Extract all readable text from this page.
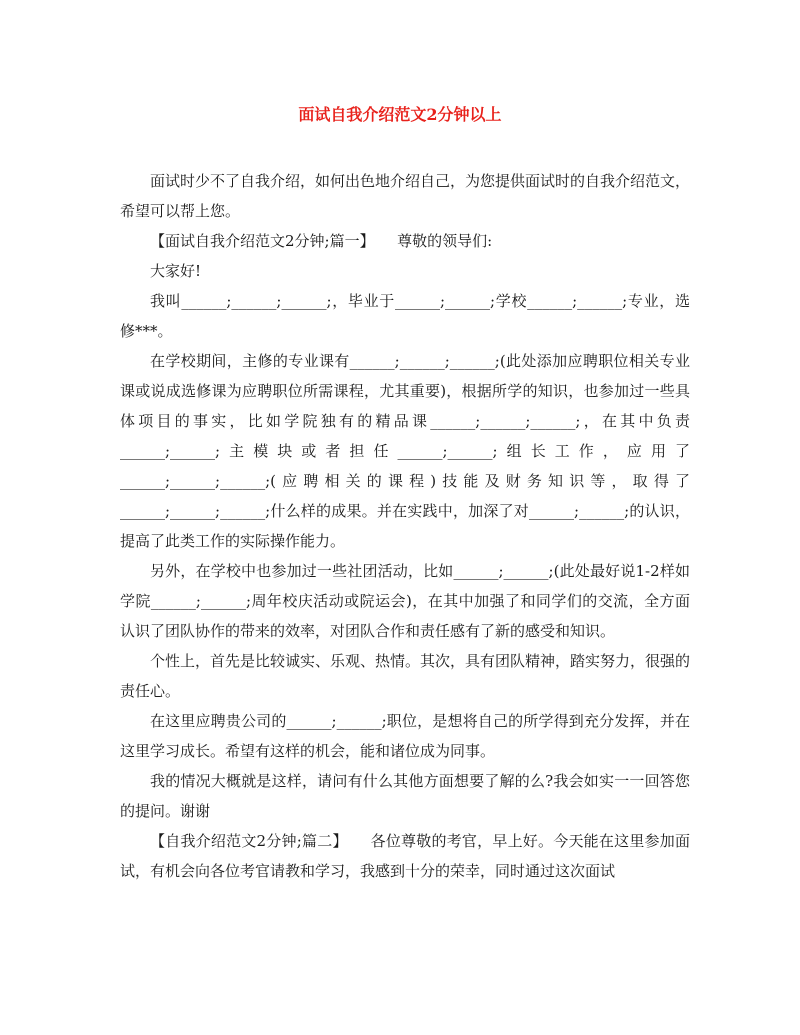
面试自我介绍范文2分钟以上

面试时少不了自我介绍，如何出色地介绍自己，为您提供面试时的自我介绍范文，希望可以帮上您。

【面试自我介绍范文2分钟;篇一】　　尊敬的领导们:

大家好!

我叫______;______;______;，毕业于______;______;学校______;______;专业，选修***。

在学校期间，主修的专业课有______;______;______;(此处添加应聘职位相关专业课或说成选修课为应聘职位所需课程，尤其重要)，根据所学的知识，也参加过一些具体项目的事实，比如学院独有的精品课______;______;______;，在其中负责______;______;主模块或者担任______;______;组长工作，应用了______;______;______;(应聘相关的课程)技能及财务知识等，取得了______;______;______;什么样的成果。并在实践中，加深了对______;______;的认识，提高了此类工作的实际操作能力。

另外，在学校中也参加过一些社团活动，比如______;______;(此处最好说1-2样如学院______;______;周年校庆活动或院运会)，在其中加强了和同学们的交流，全方面认识了团队协作的带来的效率，对团队合作和责任感有了新的感受和知识。

个性上，首先是比较诚实、乐观、热情。其次，具有团队精神，踏实努力，很强的责任心。

在这里应聘贵公司的______;______;职位，是想将自己的所学得到充分发挥，并在这里学习成长。希望有这样的机会，能和诸位成为同事。

我的情况大概就是这样，请问有什么其他方面想要了解的么?我会如实一一回答您的提问。谢谢

【自我介绍范文2分钟;篇二】　　各位尊敬的考官，早上好。今天能在这里参加面试，有机会向各位考官请教和学习，我感到十分的荣幸，同时通过这次面试
